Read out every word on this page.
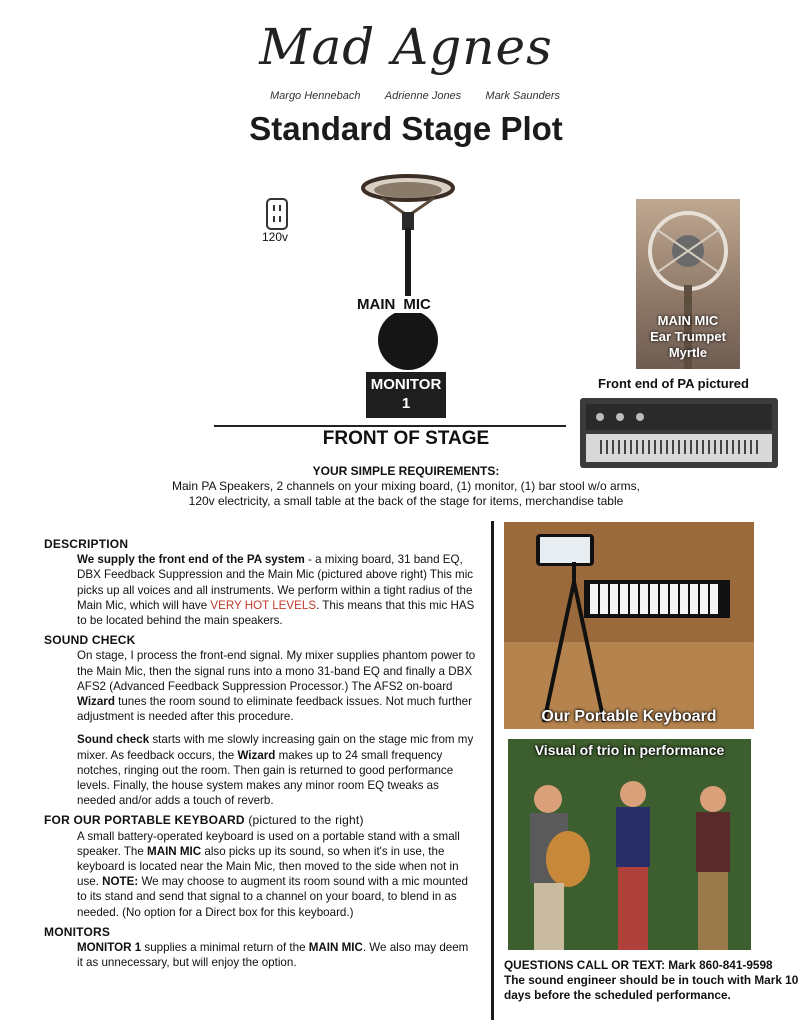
Mad Agnes
Margo Hennebach Adrienne Jones Mark Saunders
Standard Stage Plot
120v
MAIN MIC
MONITOR
1
MAIN MIC
Ear Trumpet
Myrtle
Front end of PA pictured
FRONT OF STAGE
YOUR SIMPLE REQUIREMENTS:
Main PA Speakers, 2 channels on your mixing board, (1) monitor, (1) bar stool w/o arms,
120v electricity, a small table at the back of the stage for items, merchandise table
DESCRIPTION

We supply the front end of the PA system - a mixing board, 31 band EQ, DBX Feedback Suppression and the Main Mic (pictured above right) This mic picks up all voices and all instruments. We perform within a tight radius of the Main Mic, which will have VERY HOT LEVELS. This means that this mic HAS to be located behind the main speakers.

SOUND CHECK

On stage, I process the front-end signal. My mixer supplies phantom power to the Main Mic, then the signal runs into a mono 31-band EQ and finally a DBX AFS2 (Advanced Feedback Suppression Processor.) The AFS2 on-board Wizard tunes the room sound to eliminate feedback issues. Not much further adjustment is needed after this procedure.

Sound check starts with me slowly increasing gain on the stage mic from my mixer. As feedback occurs, the Wizard makes up to 24 small frequency notches, ringing out the room. Then gain is returned to good performance levels. Finally, the house system makes any minor room EQ tweaks as needed and/or adds a touch of reverb.

FOR OUR PORTABLE KEYBOARD (pictured to the right)

A small battery-operated keyboard is used on a portable stand with a small speaker. The MAIN MIC also picks up its sound, so when it's in use, the keyboard is located near the Main Mic, then moved to the side when not in use. NOTE: We may choose to augment its room sound with a mic mounted to its stand and send that signal to a channel on your board, to blend in as needed. (No option for a Direct box for this keyboard.)

MONITORS

MONITOR 1 supplies a minimal return of the MAIN MIC. We also may deem it as unnecessary, but will enjoy the option.

Our Portable Keyboard
Visual of trio in performance
QUESTIONS CALL OR TEXT: Mark 860-841-9598
The sound engineer should be in touch with Mark 10 days before the scheduled performance.
